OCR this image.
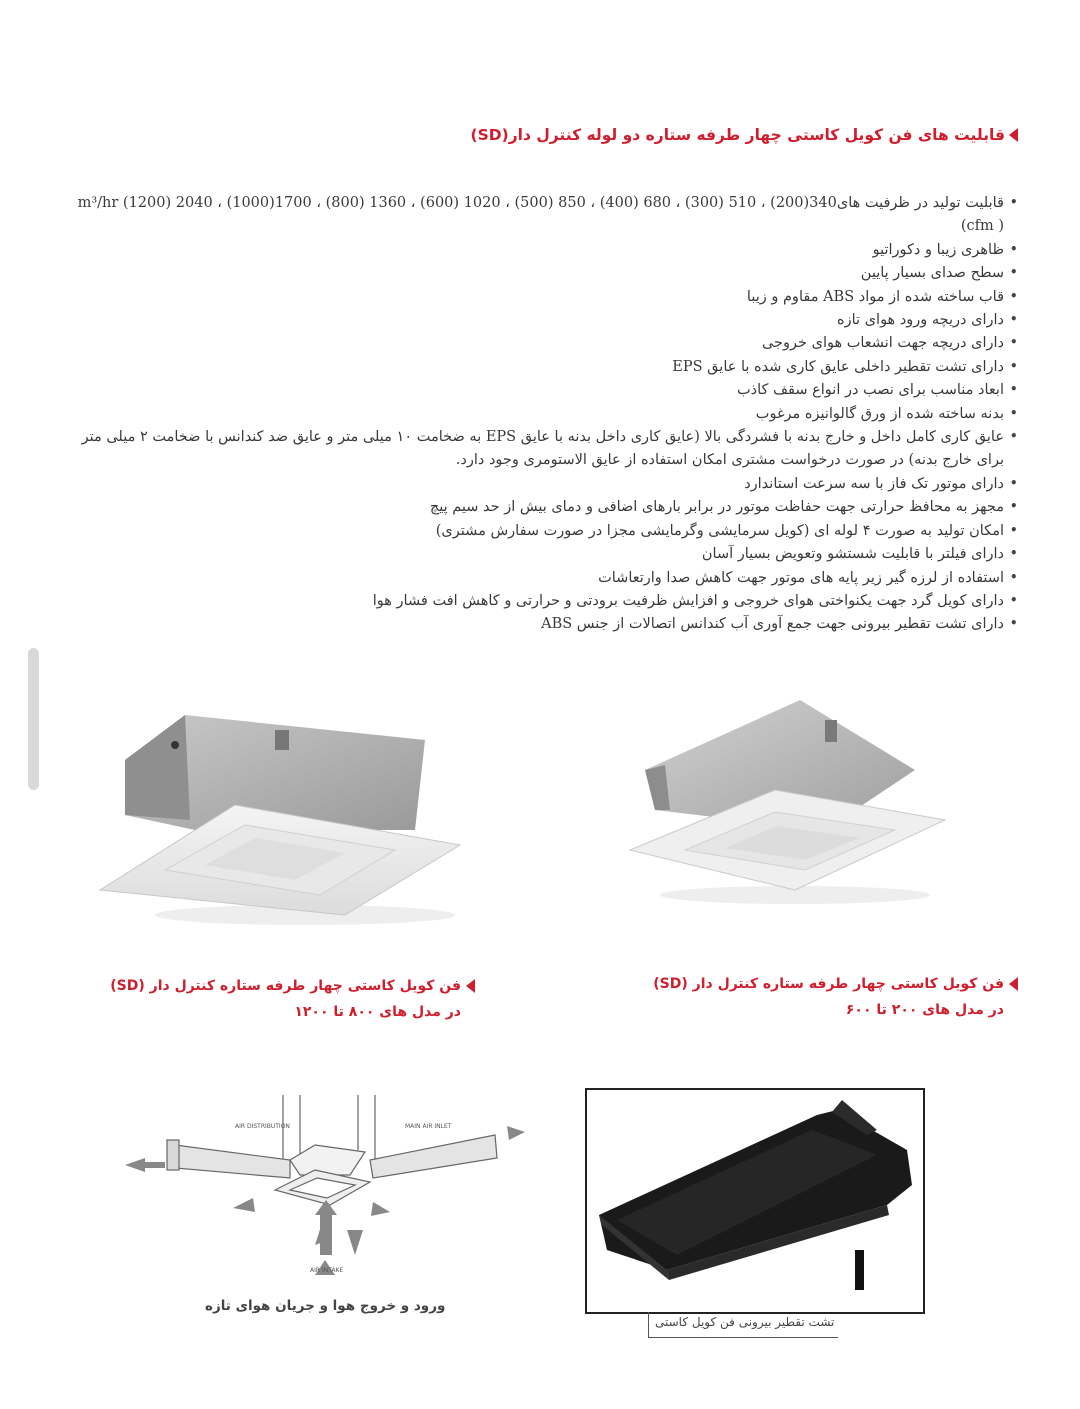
قابلیت های فن کویل کاستی چهار طرفه ستاره دو لوله کنترل دار(SD)
• قابلیت تولید در ظرفیت های340(200) ، 510 (300) ، 680 (400) ، 850 (500) ، 1020 (600) ، 1360 (800) ، 1700(1000) ، 2040 (1200) m³/hr (cfm )
• ظاهری زیبا و دکوراتیو
• سطح صدای بسیار پایین
• قاب ساخته شده از مواد ABS مقاوم و زیبا
• دارای دریچه ورود هوای تازه
• دارای دریچه جهت انشعاب هوای خروجی
• دارای تشت تقطیر داخلی عایق کاری شده با عایق EPS
• ابعاد مناسب برای نصب در انواع سقف کاذب
• بدنه ساخته شده از ورق گالوانیزه مرغوب
• عایق کاری کامل داخل و خارج بدنه با فشردگی بالا (عایق کاری داخل بدنه با عایق EPS به ضخامت ۱۰ میلی متر و عایق ضد کندانس با ضخامت ۲ میلی متر برای خارج بدنه) در صورت درخواست مشتری امکان استفاده از عایق الاستومری وجود دارد.
• دارای موتور تک فاز با سه سرعت استاندارد
• مجهز به محافظ حرارتی جهت حفاظت موتور در برابر بارهای اضافی و دمای بیش از حد سیم پیچ
• امکان تولید به صورت ۴ لوله ای (کویل سرمایشی وگرمایشی مجزا در صورت سفارش مشتری)
• دارای فیلتر با قابلیت شستشو وتعویض بسیار آسان
• استفاده از لرزه گیر زیر پایه های موتور جهت کاهش صدا وارتعاشات
• دارای کویل گرد جهت یکنواختی هوای خروجی و افزایش ظرفیت برودتی و حرارتی و کاهش افت فشار هوا
• دارای تشت تقطیر بیرونی جهت جمع آوری آب کندانس اتصالات از جنس ABS
فن کویل کاستی چهار طرفه ستاره کنترل دار (SD)
در مدل های ۸۰۰ تا ۱۲۰۰
فن کویل کاستی چهار طرفه ستاره کنترل دار (SD)
در مدل های ۲۰۰ تا ۶۰۰
AIR DISTRIBUTION	MAIN AIR INLET
AIR INTAKE
ورود و خروج هوا و جریان هوای تازه
تشت تقطیر بیرونی فن کویل کاستی
